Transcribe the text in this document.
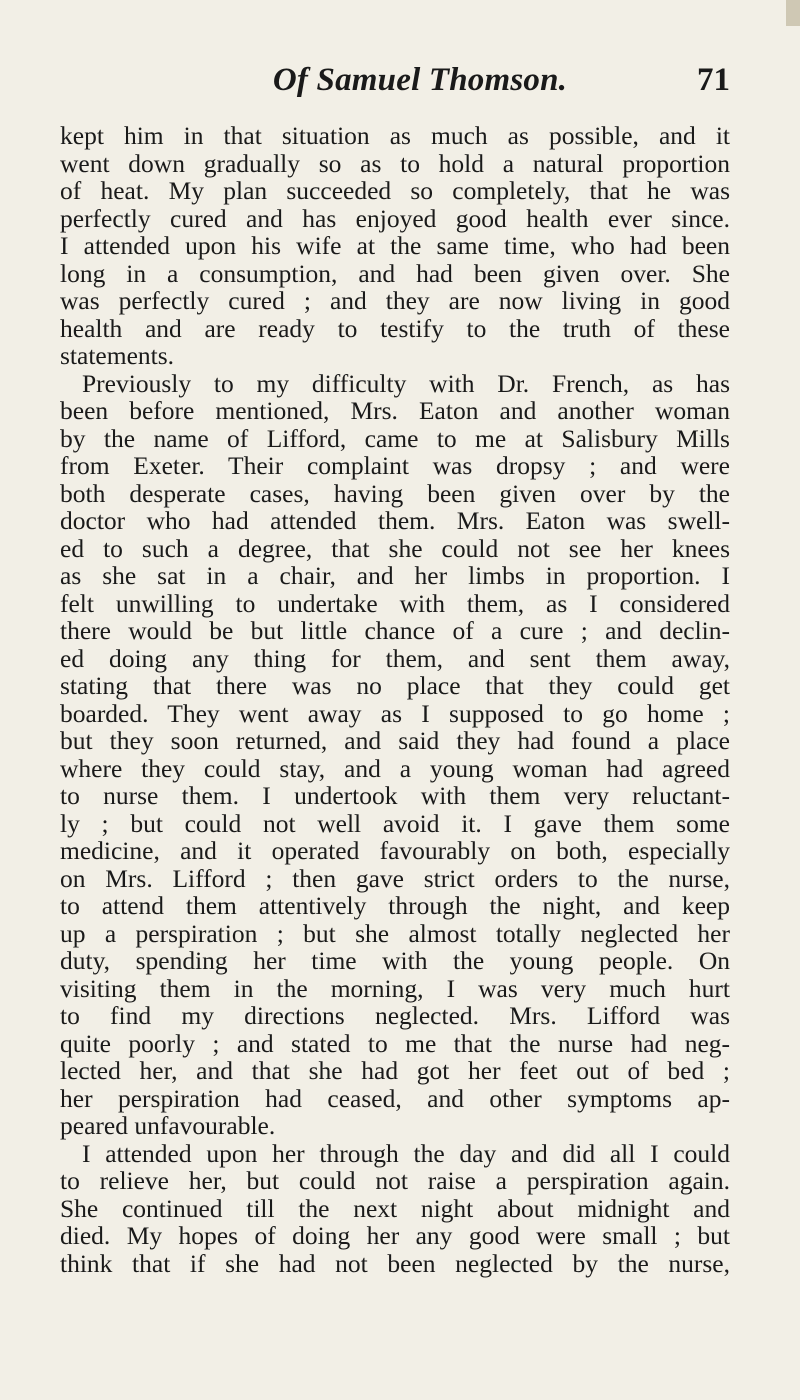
Of Samuel Thomson.	71
kept him in that situation as much as possible, and it
went down gradually so as to hold a natural proportion
of heat. My plan succeeded so completely, that he was
perfectly cured and has enjoyed good health ever since.
I attended upon his wife at the same time, who had been
long in a consumption, and had been given over. She
was perfectly cured ; and they are now living in good
health and are ready to testify to the truth of these
statements.
Previously to my difficulty with Dr. French, as has
been before mentioned, Mrs. Eaton and another woman
by the name of Lifford, came to me at Salisbury Mills
from Exeter. Their complaint was dropsy ; and were
both desperate cases, having been given over by the
doctor who had attended them. Mrs. Eaton was swell-
ed to such a degree, that she could not see her knees
as she sat in a chair, and her limbs in proportion. I
felt unwilling to undertake with them, as I considered
there would be but little chance of a cure ; and declin-
ed doing any thing for them, and sent them away,
stating that there was no place that they could get
boarded. They went away as I supposed to go home ;
but they soon returned, and said they had found a place
where they could stay, and a young woman had agreed
to nurse them. I undertook with them very reluctant-
ly ; but could not well avoid it. I gave them some
medicine, and it operated favourably on both, especially
on Mrs. Lifford ; then gave strict orders to the nurse,
to attend them attentively through the night, and keep
up a perspiration ; but she almost totally neglected her
duty, spending her time with the young people. On
visiting them in the morning, I was very much hurt
to find my directions neglected. Mrs. Lifford was
quite poorly ; and stated to me that the nurse had neg-
lected her, and that she had got her feet out of bed ;
her perspiration had ceased, and other symptoms ap-
peared unfavourable.
I attended upon her through the day and did all I could
to relieve her, but could not raise a perspiration again.
She continued till the next night about midnight and
died. My hopes of doing her any good were small ; but
think that if she had not been neglected by the nurse,
